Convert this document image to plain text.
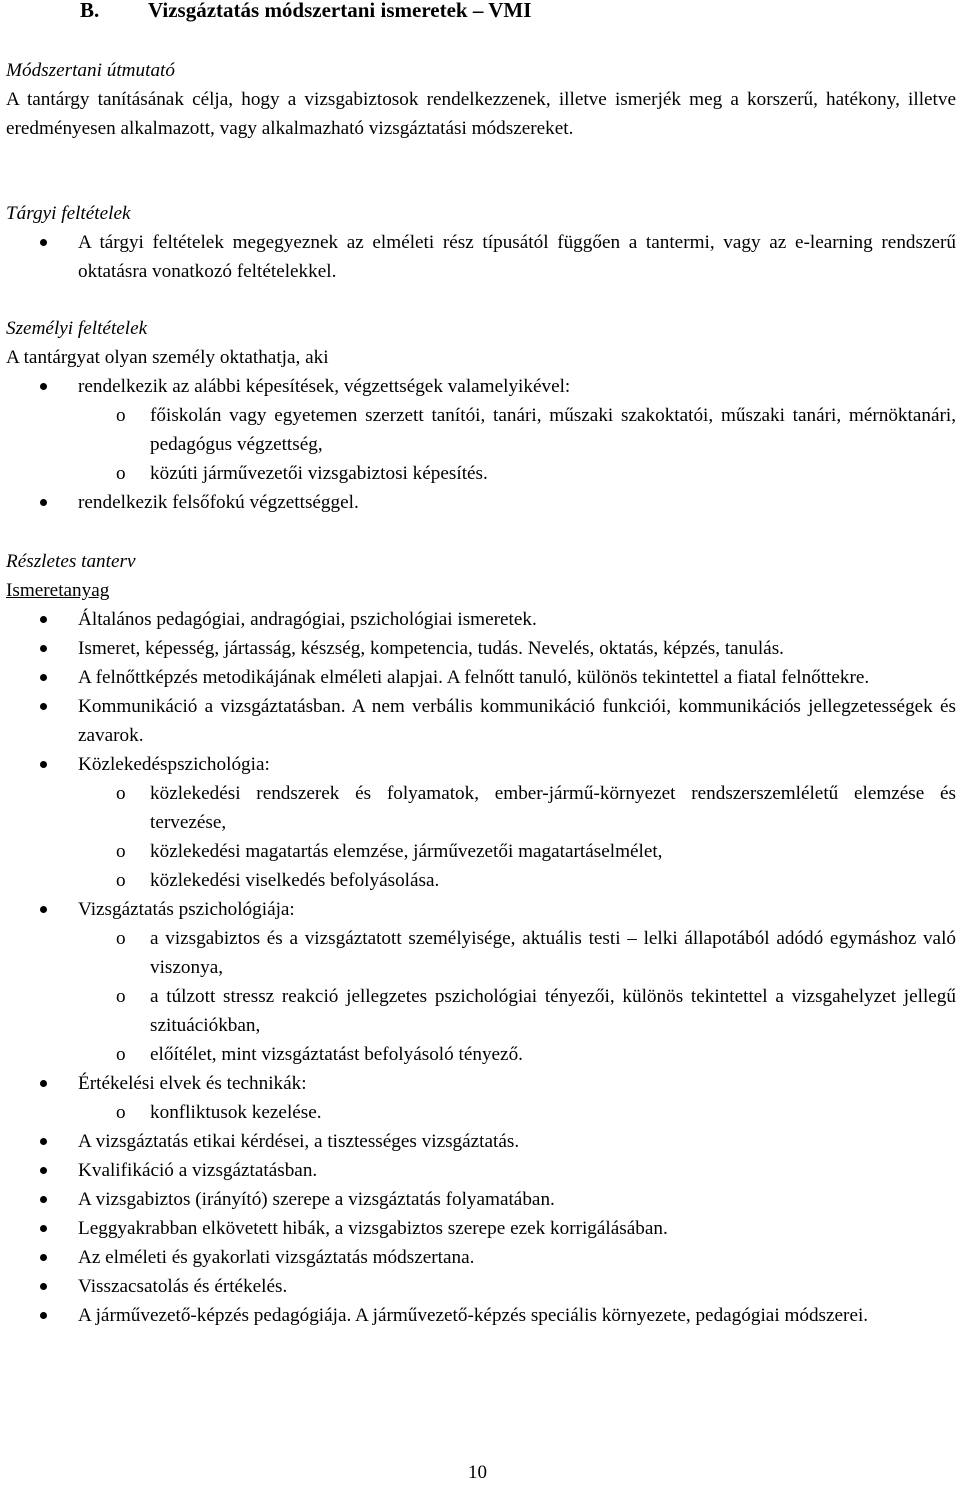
B. Vizsgáztatás módszertani ismeretek – VMI
Módszertani útmutató

A tantárgy tanításának célja, hogy a vizsgabiztosok rendelkezzenek, illetve ismerjék meg a korszerű, hatékony, illetve eredményesen alkalmazott, vagy alkalmazható vizsgáztatási módszereket.

Tárgyi feltételek
A tárgyi feltételek megegyeznek az elméleti rész típusától függően a tantermi, vagy az e-learning rendszerű oktatásra vonatkozó feltételekkel.
Személyi feltételek
A tantárgyat olyan személy oktathatja, aki
rendelkezik az alábbi képesítések, végzettségek valamelyikével:
o főiskolán vagy egyetemen szerzett tanítói, tanári, műszaki szakoktatói, műszaki tanári, mérnöktanári, pedagógus végzettség,
o közúti járművezetői vizsgabiztosi képesítés.
rendelkezik felsőfokú végzettséggel.
Részletes tanterv
Ismeretanyag
Általános pedagógiai, andragógiai, pszichológiai ismeretek.
Ismeret, képesség, jártasság, készség, kompetencia, tudás. Nevelés, oktatás, képzés, tanulás.
A felnőttképzés metodikájának elméleti alapjai. A felnőtt tanuló, különös tekintettel a fiatal felnőttekre.
Kommunikáció a vizsgáztatásban. A nem verbális kommunikáció funkciói, kommunikációs jellegzetességek és zavarok.
Közlekedéspszichológia:
o közlekedési rendszerek és folyamatok, ember-jármű-környezet rendszerszemléletű elemzése és tervezése,
o közlekedési magatartás elemzése, járművezetői magatartáselmélet,
o közlekedési viselkedés befolyásolása.
Vizsgáztatás pszichológiája:
o a vizsgabiztos és a vizsgáztatott személyisége, aktuális testi – lelki állapotából adódó egymáshoz való viszonya,
o a túlzott stressz reakció jellegzetes pszichológiai tényezői, különös tekintettel a vizsgahelyzet jellegű szituációkban,
o előítélet, mint vizsgáztatást befolyásoló tényező.
Értékelési elvek és technikák:
o konfliktusok kezelése.
A vizsgáztatás etikai kérdései, a tisztességes vizsgáztatás.
Kvalifikáció a vizsgáztatásban.
A vizsgabiztos (irányító) szerepe a vizsgáztatás folyamatában.
Leggyakrabban elkövetett hibák, a vizsgabiztos szerepe ezek korrigálásában.
Az elméleti és gyakorlati vizsgáztatás módszertana.
Visszacsatolás és értékelés.
A járművezető-képzés pedagógiája. A járművezető-képzés speciális környezete, pedagógiai módszerei.
10
